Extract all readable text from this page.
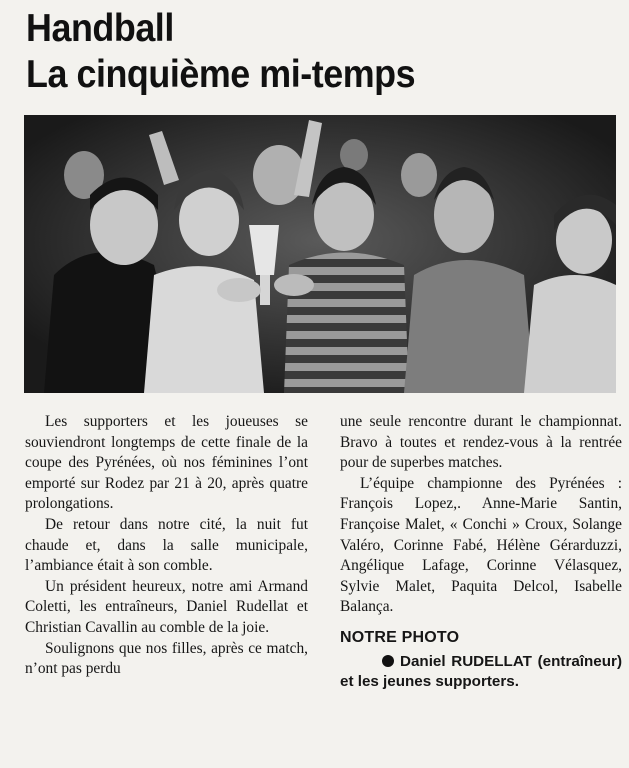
Handball
La cinquième mi-temps

Les supporters et les joueuses se souviendront longtemps de cette finale de la coupe des Pyrénées, où nos féminines l’ont emporté sur Rodez par 21 à 20, après quatre prolongations.

De retour dans notre cité, la nuit fut chaude et, dans la salle municipale, l’ambiance était à son comble.

Un président heureux, notre ami Armand Coletti, les entraîneurs, Daniel Rudellat et Christian Cavallin au comble de la joie.

Soulignons que nos filles, après ce match, n’ont pas perdu

une seule rencontre durant le championnat. Bravo à toutes et rendez-vous à la rentrée pour de superbes matches.

L’équipe championne des Pyrénées : François Lopez,. Anne-Marie Santin, Françoise Malet, « Conchi » Croux, Solange Valéro, Corinne Fabé, Hélène Gérarduzzi, Angélique Lafage, Corinne Vélasquez, Sylvie Malet, Paquita Delcol, Isabelle Balança.

NOTRE PHOTO

Daniel RUDELLAT (entraîneur) et les jeunes supporters.
